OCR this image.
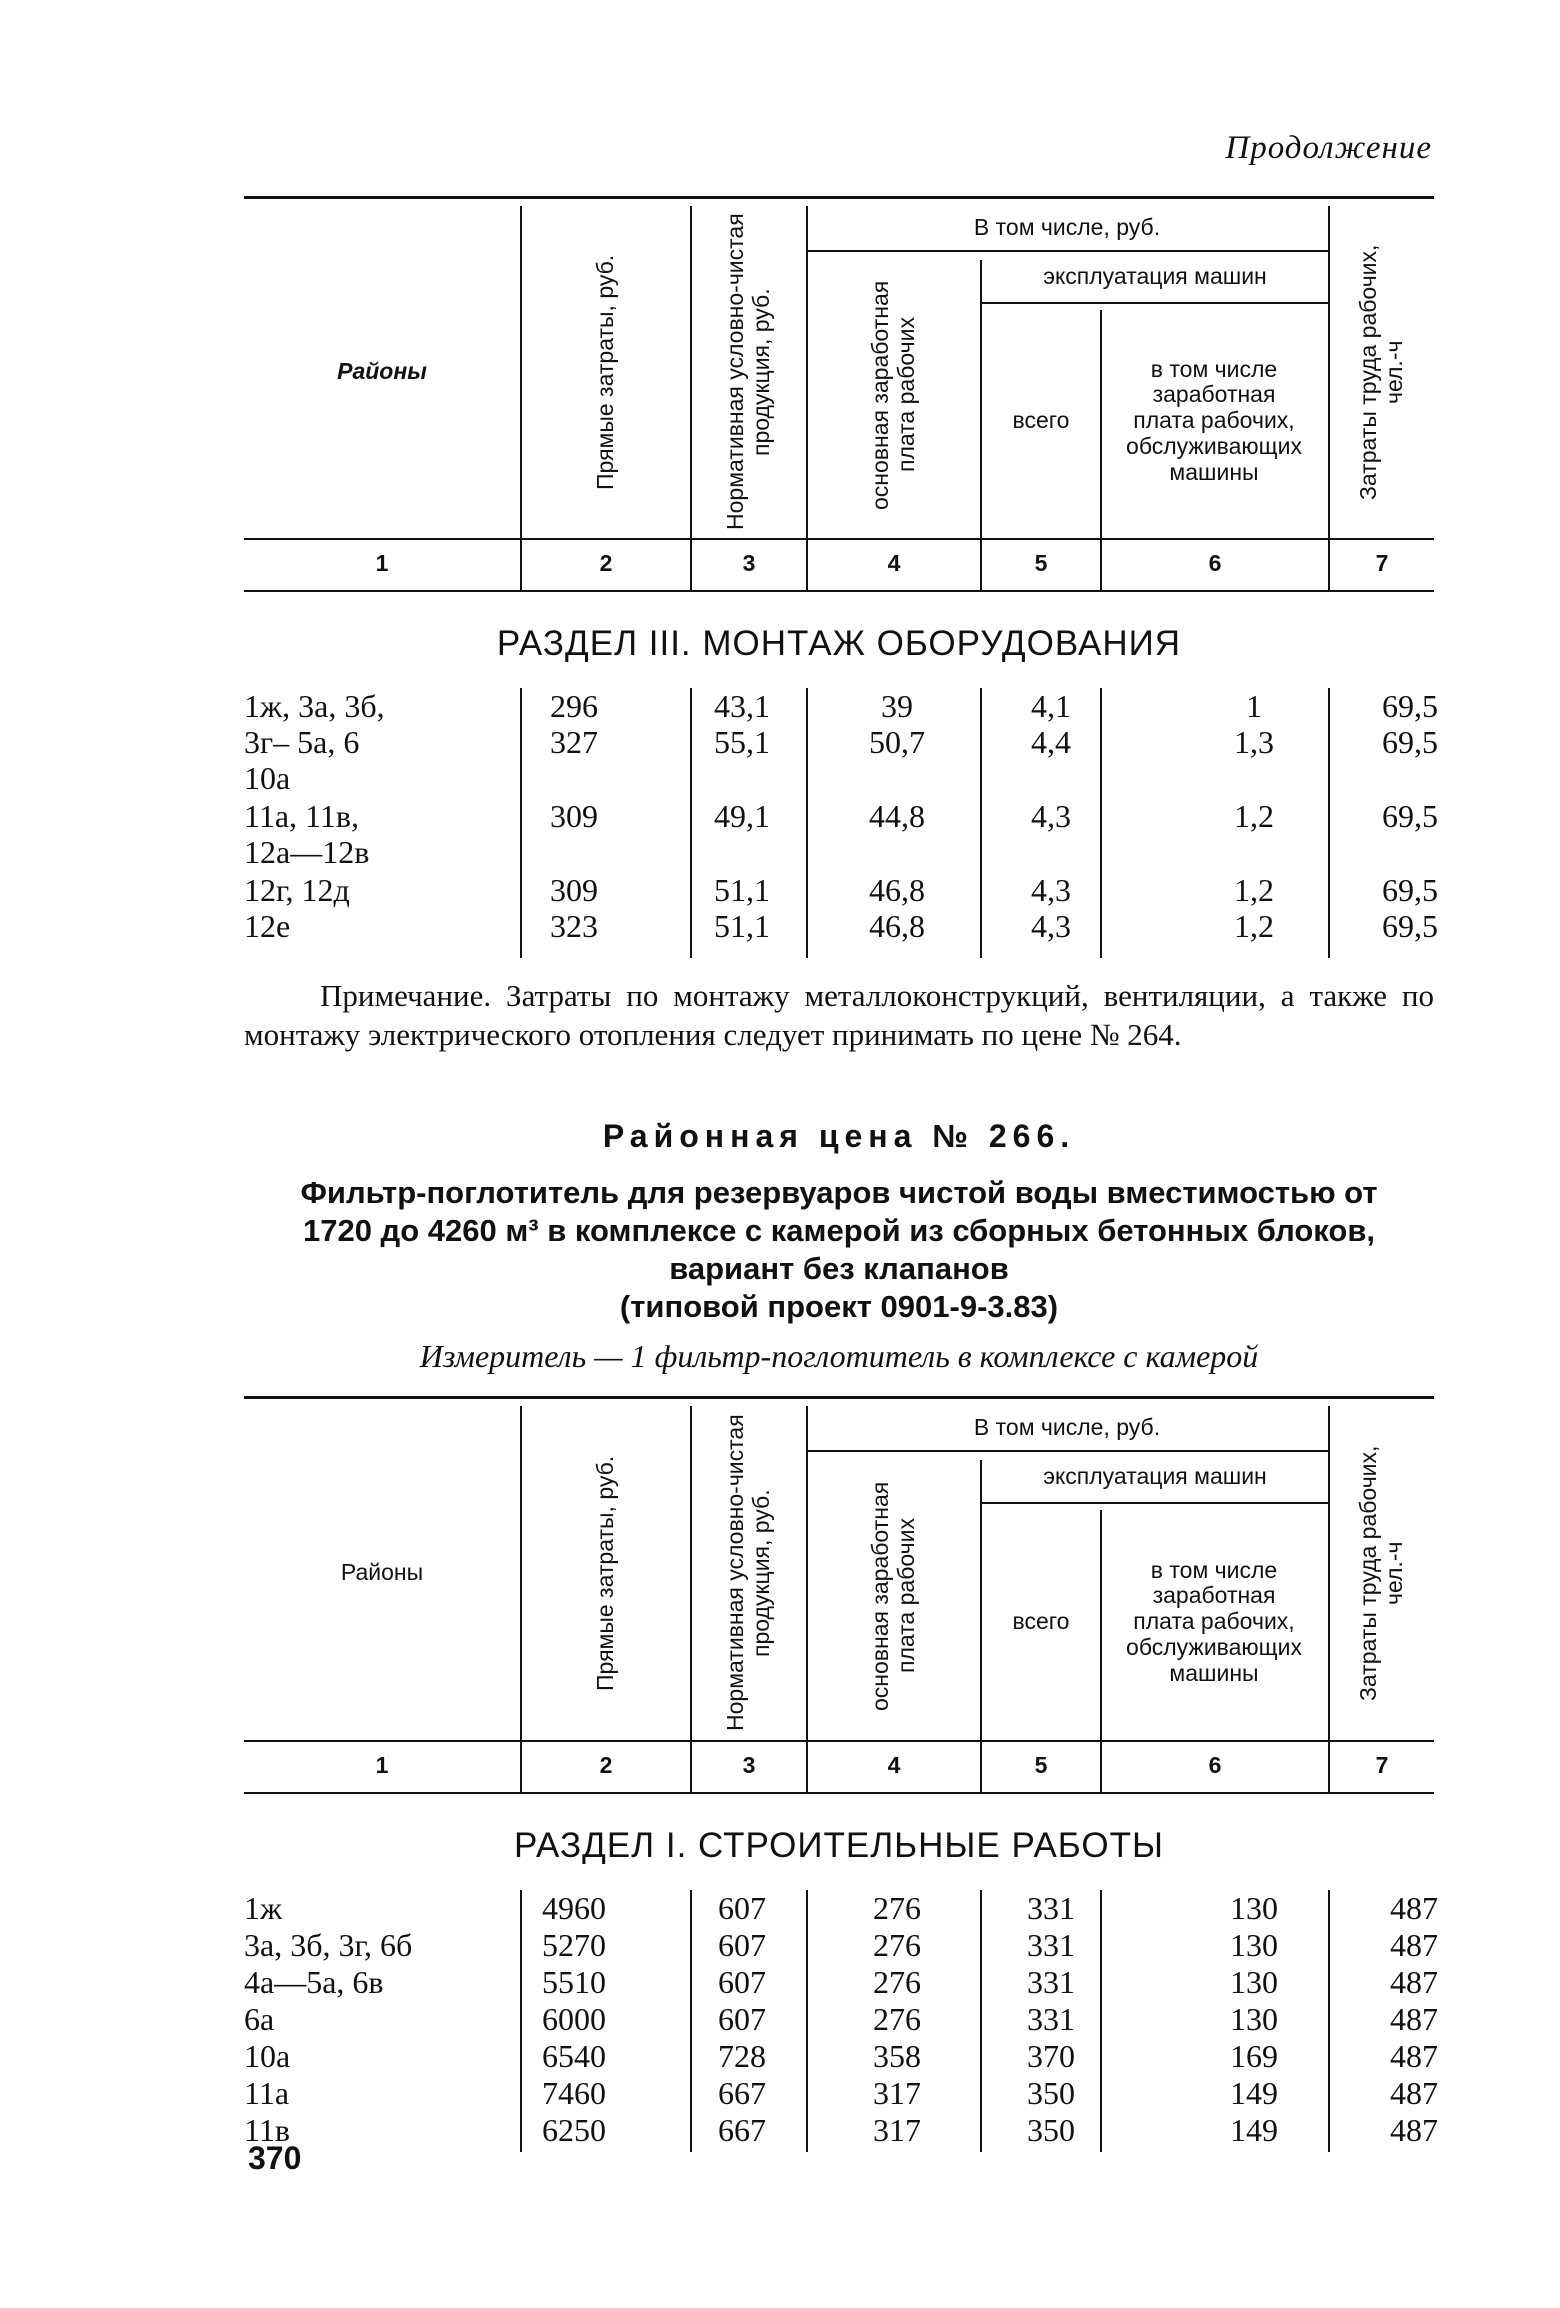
Продолжение
Районы	Прямые затраты, руб.	Нормативная условно-чистая продукция, руб.
В том числе, руб.
основная заработная плата рабочих
эксплуатация машин
всего
в том числе заработная плата рабочих, обслуживающих машины	Затраты труда рабочих, чел.-ч
1	2	3	4	5	6	7
РАЗДЕЛ III. МОНТАЖ ОБОРУДОВАНИЯ
1ж, 3а, 3б,	296	43,1	39	4,1	1	69,5
3г– 5а, 6	327	55,1	50,7	4,4	1,3	69,5
10а
11а, 11в,	309	49,1	44,8	4,3	1,2	69,5
12а—12в
12г, 12д	309	51,1	46,8	4,3	1,2	69,5
12е	323	51,1	46,8	4,3	1,2	69,5
Примечание. Затраты по монтажу металлоконструкций, вентиляции, а также по монтажу электрического отопления следует принимать по цене № 264.
Районная цена № 266.
Фильтр-поглотитель для резервуаров чистой воды вместимостью от
1720 до 4260 м³ в комплексе с камерой из сборных бетонных блоков,
вариант без клапанов
(типовой проект 0901-9-3.83)
Измеритель — 1 фильтр-поглотитель в комплексе с камерой
Районы	Прямые затраты, руб.	Нормативная условно-чистая продукция, руб.
В том числе, руб.
основная заработная плата рабочих
эксплуатация машин
всего
в том числе заработная плата рабочих, обслуживающих машины	Затраты труда рабочих, чел.-ч
1	2	3	4	5	6	7
РАЗДЕЛ I. СТРОИТЕЛЬНЫЕ РАБОТЫ
1ж	4960	607	276	331	130	487
3а, 3б, 3г, 6б	5270	607	276	331	130	487
4а—5а, 6в	5510	607	276	331	130	487
6а	6000	607	276	331	130	487
10а	6540	728	358	370	169	487
11а	7460	667	317	350	149	487
11в	6250	667	317	350	149	487
370
